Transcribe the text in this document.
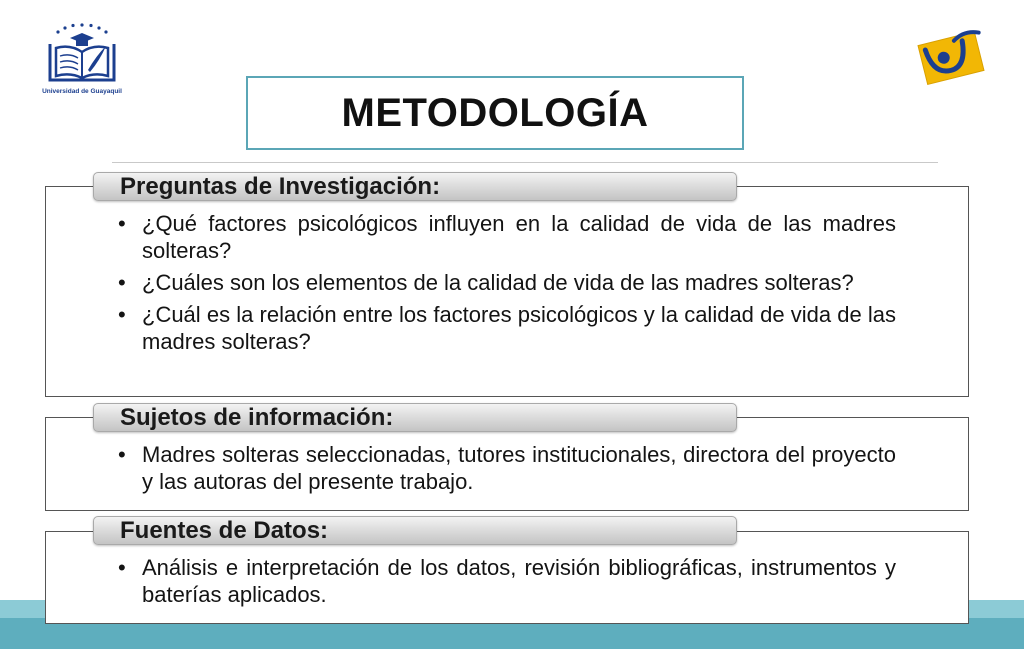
Universidad de Guayaquil	METODOLOGÍA
• ¿Qué factores psicológicos influyen en la calidad de vida de las madres solteras?
• ¿Cuáles son los elementos de la calidad de vida de las madres solteras?
• ¿Cuál es la relación entre los factores psicológicos y la calidad de vida de las madres solteras?
Preguntas de Investigación:
• Madres solteras seleccionadas, tutores institucionales, directora del proyecto y las autoras del presente trabajo.
Sujetos de información:
• Análisis e interpretación de los datos, revisión bibliográficas, instrumentos y baterías aplicados.
Fuentes de Datos:
